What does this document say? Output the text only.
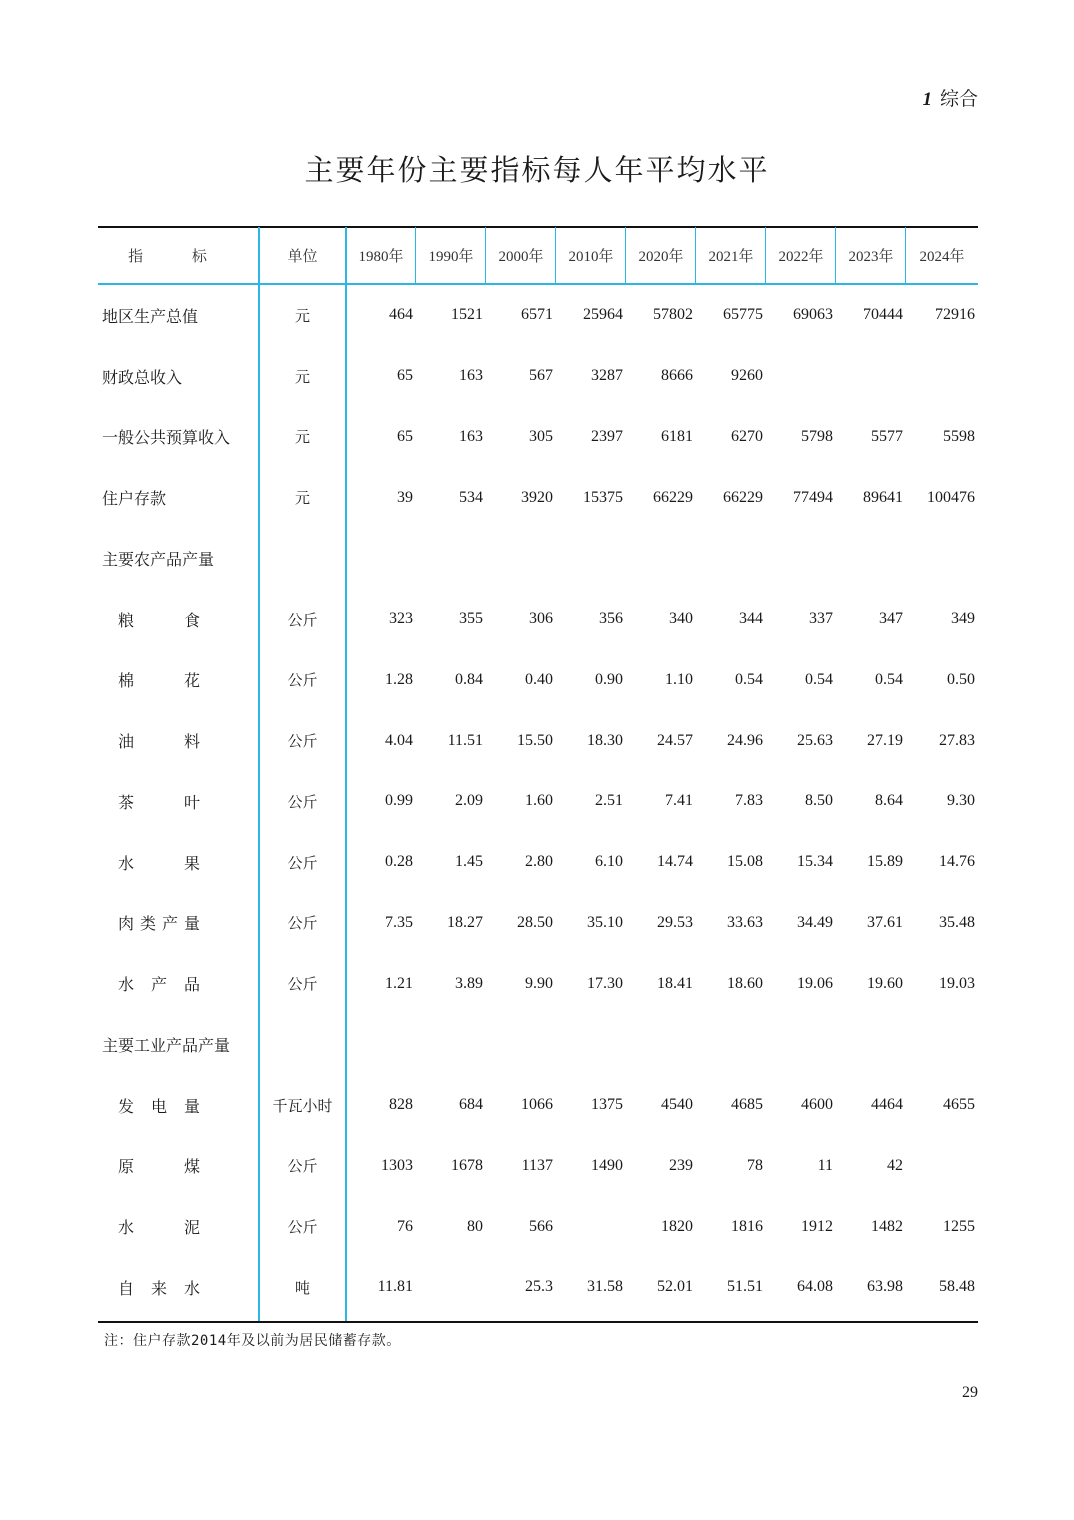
1 综合
主要年份主要指标每人年平均水平
指 标	单位	1980年	1990年	2000年	2010年	2020年	2021年	2022年	2023年	2024年
地区生产总值	元	464	1521	6571	25964	57802	65775	69063	70444	72916
财政总收入	元	65	163	567	3287	8666	9260			
一般公共预算收入	元	65	163	305	2397	6181	6270	5798	5577	5598
住户存款	元	39	534	3920	15375	66229	66229	77494	89641	100476
主要农产品产量										
粮食	公斤	323	355	306	356	340	344	337	347	349
棉花	公斤	1.28	0.84	0.40	0.90	1.10	0.54	0.54	0.54	0.50
油料	公斤	4.04	11.51	15.50	18.30	24.57	24.96	25.63	27.19	27.83
茶叶	公斤	0.99	2.09	1.60	2.51	7.41	7.83	8.50	8.64	9.30
水果	公斤	0.28	1.45	2.80	6.10	14.74	15.08	15.34	15.89	14.76
肉类产量	公斤	7.35	18.27	28.50	35.10	29.53	33.63	34.49	37.61	35.48
水产品	公斤	1.21	3.89	9.90	17.30	18.41	18.60	19.06	19.60	19.03
主要工业产品产量										
发电量	千瓦小时	828	684	1066	1375	4540	4685	4600	4464	4655
原煤	公斤	1303	1678	1137	1490	239	78	11	42	
水泥	公斤	76	80	566		1820	1816	1912	1482	1255
自来水	吨	11.81		25.3	31.58	52.01	51.51	64.08	63.98	58.48
注：住户存款2014年及以前为居民储蓄存款。
29
